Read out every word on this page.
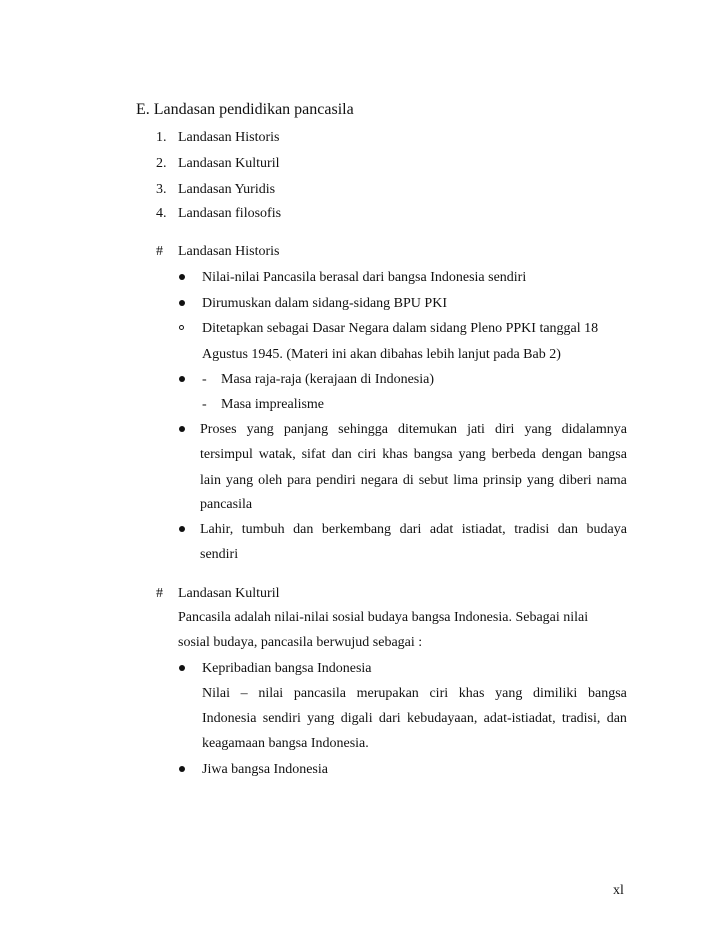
E. Landasan pendidikan pancasila
1. Landasan Historis
2. Landasan Kulturil
3. Landasan Yuridis
4. Landasan filosofis
# Landasan Historis
Nilai-nilai Pancasila berasal dari bangsa Indonesia sendiri
Dirumuskan dalam sidang-sidang BPU PKI
Ditetapkan sebagai Dasar Negara dalam sidang Pleno PPKI tanggal 18
Agustus 1945. (Materi ini akan dibahas lebih lanjut pada Bab 2)
- Masa raja-raja (kerajaan di Indonesia)
- Masa imprealisme
Proses yang panjang sehingga ditemukan jati diri yang didalamnya
tersimpul watak, sifat dan ciri khas bangsa yang berbeda dengan bangsa
lain yang oleh para pendiri negara di sebut lima prinsip yang diberi nama
pancasila
Lahir, tumbuh dan berkembang dari adat istiadat, tradisi dan budaya
sendiri
# Landasan Kulturil
Pancasila adalah nilai-nilai sosial budaya bangsa Indonesia. Sebagai nilai
sosial budaya, pancasila berwujud sebagai :
Kepribadian bangsa Indonesia
Nilai – nilai pancasila merupakan ciri khas yang dimiliki bangsa
Indonesia sendiri yang digali dari kebudayaan, adat-istiadat, tradisi, dan
keagamaan bangsa Indonesia.
Jiwa bangsa Indonesia
xl
